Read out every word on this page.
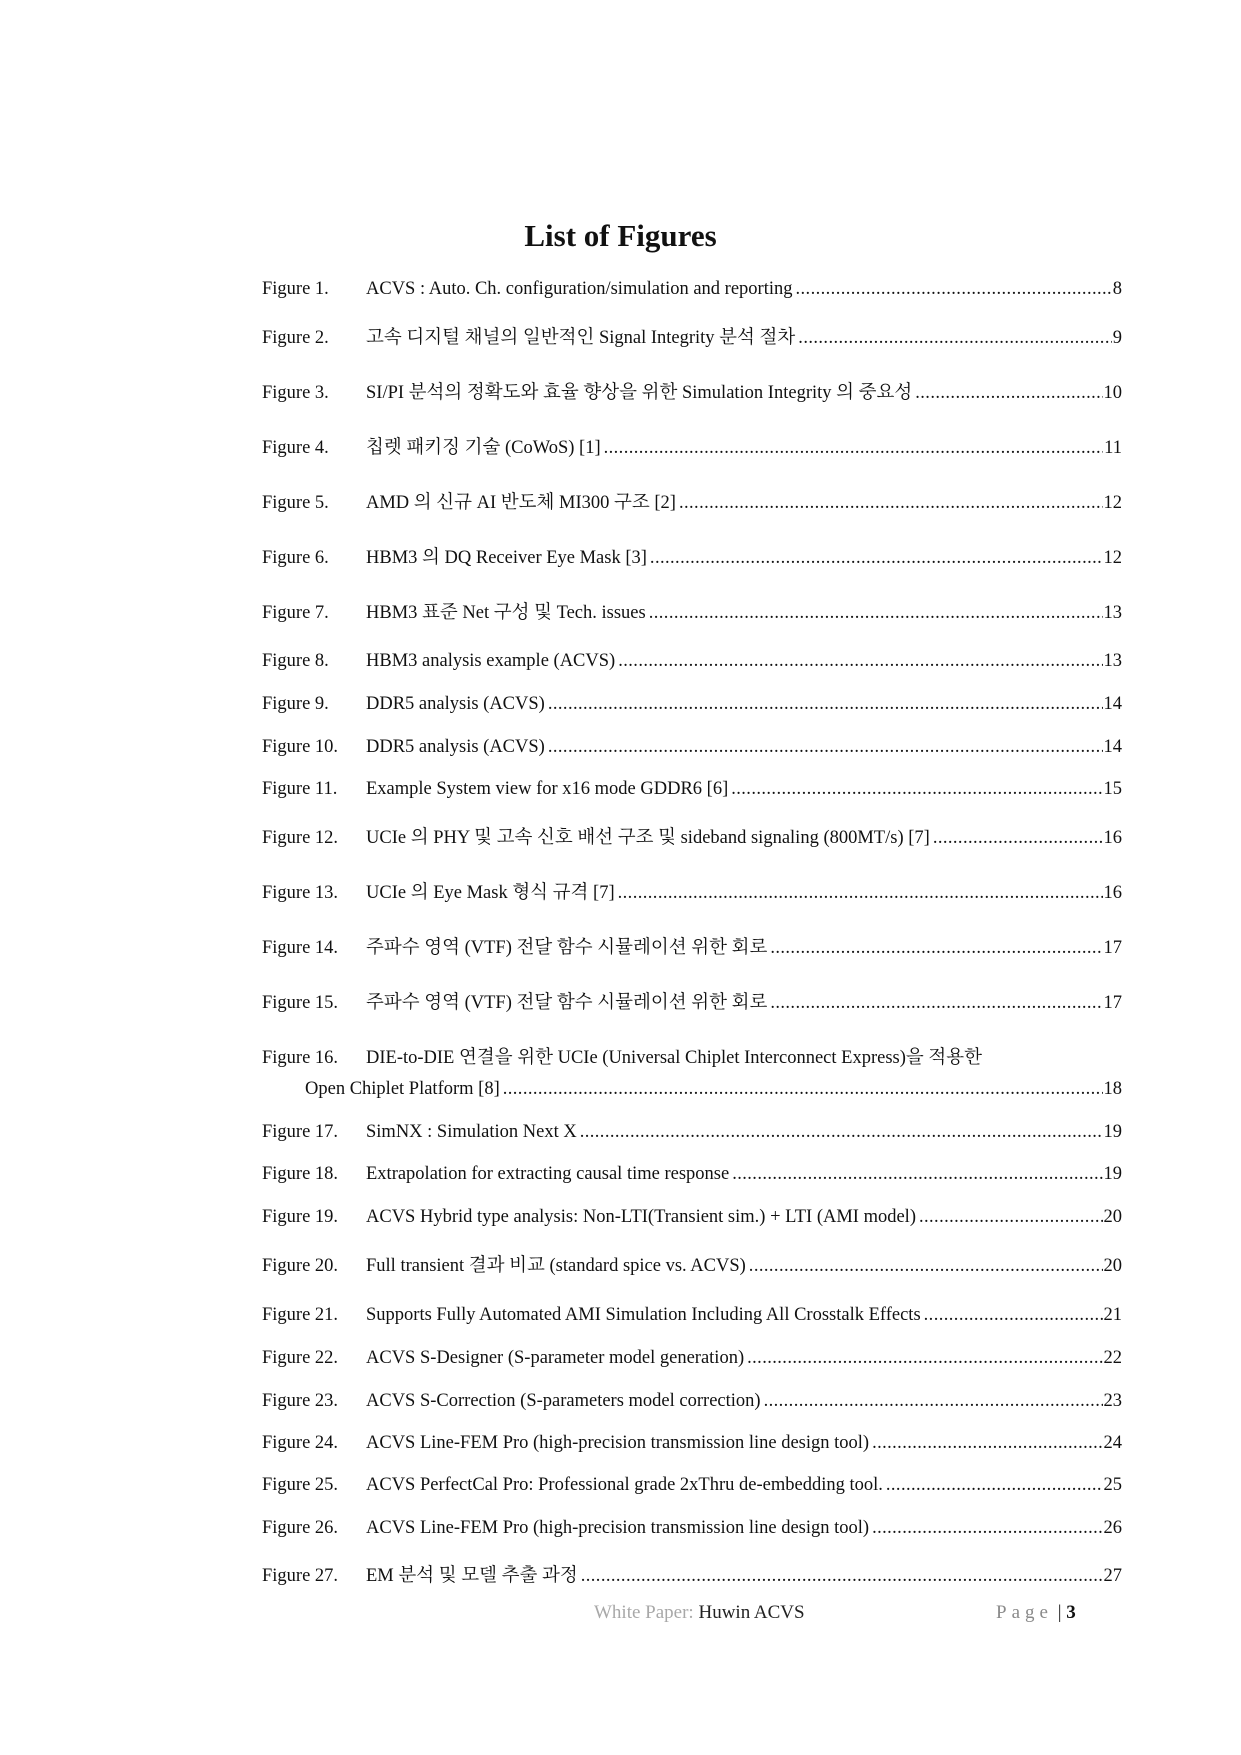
List of Figures
Figure 1.	ACVS : Auto. Ch. configuration/simulation and reporting .....	8
Figure 2.	고속 디지털 채널의 일반적인 Signal Integrity 분석 절차 .....	9
Figure 3.	SI/PI 분석의 정확도와 효율 향상을 위한 Simulation Integrity 의 중요성 .....	10
Figure 4.	칩렛 패키징 기술 (CoWoS) [1] .....	11
Figure 5.	AMD 의 신규 AI 반도체 MI300 구조 [2] .....	12
Figure 6.	HBM3 의 DQ Receiver Eye Mask [3] .....	12
Figure 7.	HBM3 표준 Net 구성 및 Tech. issues .....	13
Figure 8.	HBM3 analysis example (ACVS) .....	13
Figure 9.	DDR5 analysis (ACVS) .....	14
Figure 10.	DDR5 analysis (ACVS) .....	14
Figure 11.	Example System view for x16 mode GDDR6 [6] .....	15
Figure 12.	UCIe 의 PHY 및 고속 신호 배선 구조 및 sideband signaling (800MT/s) [7] .....	16
Figure 13.	UCIe 의 Eye Mask 형식 규격 [7] .....	16
Figure 14.	주파수 영역 (VTF) 전달 함수 시뮬레이션 위한 회로 .....	17
Figure 15.	주파수 영역 (VTF) 전달 함수 시뮬레이션 위한 회로 .....	17
Figure 16.	DIE-to-DIE 연결을 위한 UCIe (Universal Chiplet Interconnect Express)을 적용한
Open Chiplet Platform [8] .....	18
Figure 17.	SimNX : Simulation Next X .....	19
Figure 18.	Extrapolation for extracting causal time response .....	19
Figure 19.	ACVS Hybrid type analysis: Non-LTI(Transient sim.) + LTI (AMI model) .....	20
Figure 20.	Full transient 결과 비교 (standard spice vs. ACVS) .....	20
Figure 21.	Supports Fully Automated AMI Simulation Including All Crosstalk Effects .....	21
Figure 22.	ACVS S-Designer (S-parameter model generation) .....	22
Figure 23.	ACVS S-Correction (S-parameters model correction) .....	23
Figure 24.	ACVS Line-FEM Pro (high-precision transmission line design tool) .....	24
Figure 25.	ACVS PerfectCal Pro: Professional grade 2xThru de-embedding tool. .....	25
Figure 26.	ACVS Line-FEM Pro (high-precision transmission line design tool) .....	26
Figure 27.	EM 분석 및 모델 추출 과정 .....	27
White Paper: Huwin ACVS	Page | 3
